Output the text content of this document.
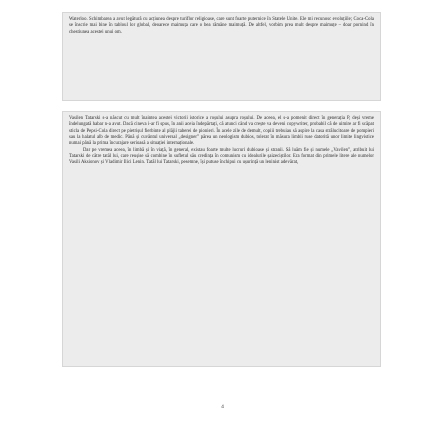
Waterloo. Schimbarea a avut legătură cu acțiunea despre turiflor religioase, care sunt foarte puternice în Statele Unite. Ele mi recunosc evoluțiile; Coca-Cola se înscrie mai bine în tabloul lor global, deoarece maimuța care o bea rămâne maimuță. De altfel, vorbim prea mult despre maimuțe – doar pornind în chestiunea acestei unui om.

Vasilen Tatarski s-a născut cu mult înaintea acestei victorii istorice a roșului asupra roșului. De aceea, el s-a pomenit direct în generația P, deși vreme îndelungată habar n-a avut. Dacă cineva i-ar fi spus, în anii aceia îndepărtați, că atunci când va crește va deveni copywriter, probabil că de uimire ar fi scăpat sticla de Pepsi-Cola direct pe pietrișul fierbinte al plăjii taberei de pionieri. În acele zile de demult, copiii trebuiau să aspire la casa strălucitoare de pompieri sau la halatul alb de medic. Până și cuvântul universal „designer” părea un neologism dubios, tolerat în măsura limbii ruse datorită unor limite lingvistice numai până la prima încurajare serioasă a situației internaționale.

Dar pe vremea aceea, în limbă și în viață, în general, existau foarte multe lucruri dubioase și stranii. Să luăm fie și numele „Vavilen”, atribuit lui Tatarski de către tatăl lui, care reușise să combine în sufletul său credința în comunism cu idealurile șaizeciștilor. Era format din primele litere ale numelor Vasili Aksionov și Vladimir Ilici Lenin. Tatăl lui Tatarski, pesemne, își putuse închipui cu ușurință un leninist adevărat,

4
